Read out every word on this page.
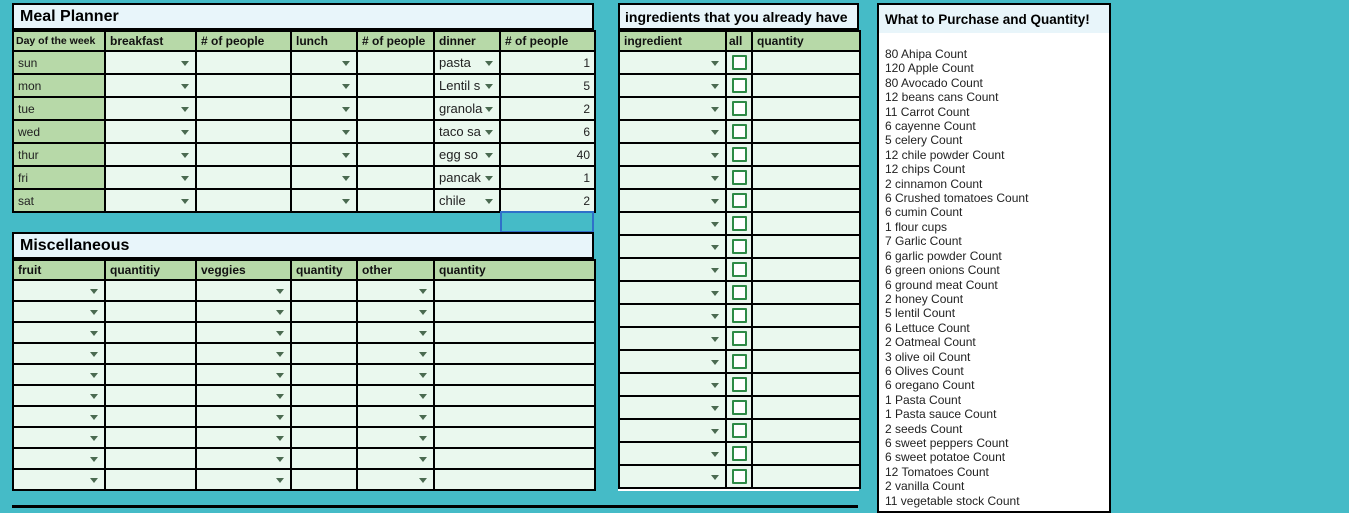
Meal Planner
Day of the week	breakfast	# of people	lunch	# of people	dinner	# of people
sun					pasta	1
mon					Lentil s	5
tue					granola	2
wed					taco sa	6
thur					egg so	40
fri					pancak	1
sat					chile	2
Miscellaneous
fruit	quantitiy	veggies	quantity	other	quantity

ingredients that you already have
ingredient	all	quantity

What to Purchase and Quantity!
80 Ahipa Count
120 Apple Count
80 Avocado Count
12 beans cans Count
11 Carrot Count
6 cayenne Count
5 celery Count
12 chile powder Count
12 chips Count
2 cinnamon Count
6 Crushed tomatoes Count
6 cumin Count
1 flour cups
7 Garlic Count
6 garlic powder Count
6 green onions Count
6 ground meat Count
2 honey Count
5 lentil Count
6 Lettuce Count
2 Oatmeal Count
3 olive oil Count
6 Olives Count
6 oregano Count
1 Pasta Count
1 Pasta sauce Count
2 seeds Count
6 sweet peppers Count
6 sweet potatoe Count
12 Tomatoes Count
2 vanilla Count
11 vegetable stock Count
